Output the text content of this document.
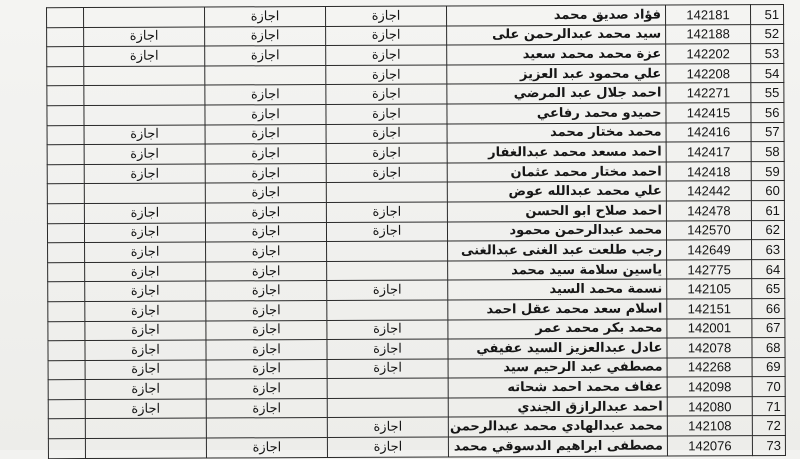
51	142181	فؤاد صديق محمد	اجازة	اجازة		
52	142188	سيد محمد عبدالرحمن على	اجازة	اجازة	اجازة	
53	142202	عزة محمد محمد سعيد	اجازة	اجازة	اجازة	
54	142208	علي محمود عبد العزيز	اجازة			
55	142271	احمد جلال عبد المرضي	اجازة	اجازة		
56	142415	حميدو محمد رفاعي	اجازة	اجازة		
57	142416	محمد مختار محمد	اجازة	اجازة	اجازة	
58	142417	احمد مسعد محمد عبدالغفار	اجازة	اجازة	اجازة	
59	142418	احمد مختار محمد عثمان	اجازة	اجازة	اجازة	
60	142442	علي محمد عبدالله عوض		اجازة		
61	142478	احمد صلاح ابو الحسن	اجازة	اجازة	اجازة	
62	142570	محمد عبدالرحمن محمود	اجازة	اجازة	اجازة	
63	142649	رجب طلعت عبد الغنى عبدالغنى		اجازة	اجازة	
64	142775	ياسين سلامة سيد محمد		اجازة	اجازة	
65	142105	نسمة محمد السيد	اجازة	اجازة	اجازة	
66	142151	اسلام سعد محمد عقل احمد		اجازة	اجازة	
67	142001	محمد بكر محمد عمر	اجازة	اجازة	اجازة	
68	142078	عادل عبدالعزيز السيد عفيفي	اجازة	اجازة	اجازة	
69	142268	مصطفي عبد الرحيم سيد	اجازة	اجازة	اجازة	
70	142098	عفاف محمد احمد شحاته		اجازة	اجازة	
71	142080	احمد عبدالرازق الجندي		اجازة	اجازة	
72	142108	محمد عبدالهادي محمد عبدالرحمن	اجازة			
73	142076	مصطفى ابراهيم الدسوقي محمد	اجازة	اجازة		
